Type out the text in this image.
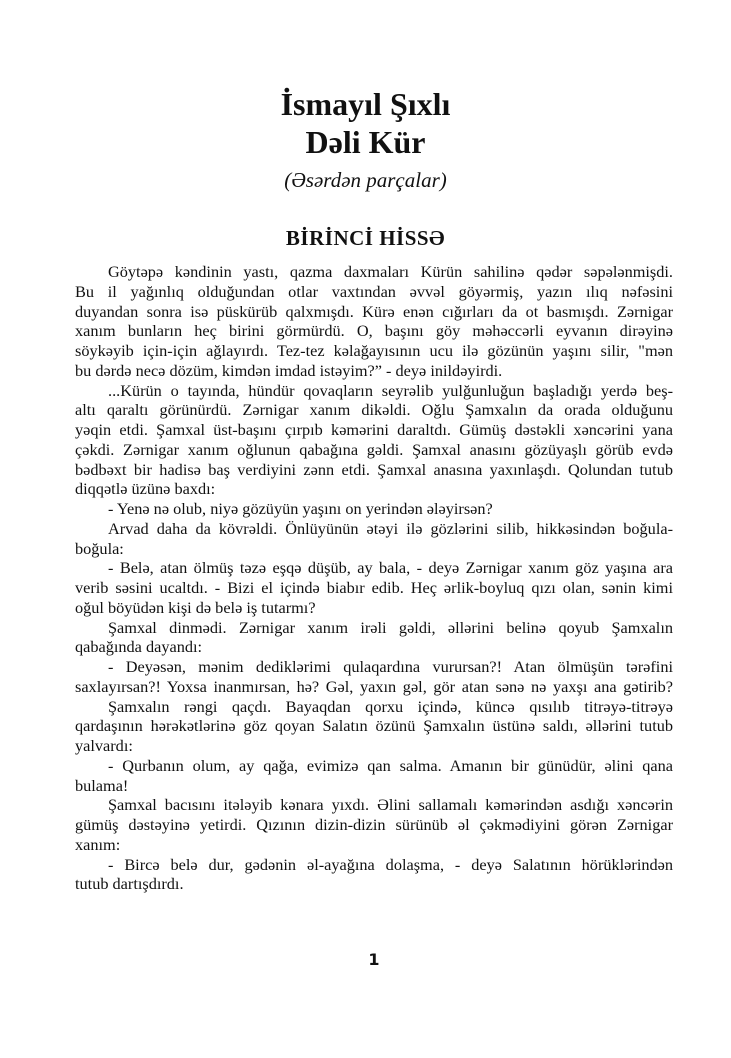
İsmayıl Şıxlı
Dəli Kür
(Əsərdən parçalar)
BİRİNCİ HİSSƏ
Göytəpə kəndinin yastı, qazma daxmaları Kürün sahilinə qədər səpələnmişdi.
Bu il yağınlıq olduğundan otlar vaxtından əvvəl göyərmiş, yazın ılıq nəfəsini
duyandan sonra isə püskürüb qalxmışdı. Kürə enən cığırları da ot basmışdı. Zərnigar
xanım bunların heç birini görmürdü. O, başını göy məhəccərli eyvanın dirəyinə
söykəyib için-için ağlayırdı. Tez-tez kəlağayısının ucu ilə gözünün yaşını silir, "mən
bu dərdə necə dözüm, kimdən imdad istəyim?” - deyə inildəyirdi.
...Kürün o tayında, hündür qovaqların seyrəlib yulğunluğun başladığı yerdə beş-
altı qaraltı görünürdü. Zərnigar xanım dikəldi. Oğlu Şamxalın da orada olduğunu
yəqin etdi. Şamxal üst-başını çırpıb kəmərini daraltdı. Gümüş dəstəkli xəncərini yana
çəkdi. Zərnigar xanım oğlunun qabağına gəldi. Şamxal anasını gözüyaşlı görüb evdə
bədbəxt bir hadisə baş verdiyini zənn etdi. Şamxal anasına yaxınlaşdı. Qolundan tutub
diqqətlə üzünə baxdı:
- Yenə nə olub, niyə gözüyün yaşını on yerindən ələyirsən?
Arvad daha da kövrəldi. Önlüyünün ətəyi ilə gözlərini silib, hikkəsindən boğula-
boğula:
- Belə, atan ölmüş təzə eşqə düşüb, ay bala, - deyə Zərnigar xanım göz yaşına ara
verib səsini ucaltdı. - Bizi el içində biabır edib. Heç ərlik-boyluq qızı olan, sənin kimi
oğul böyüdən kişi də belə iş tutarmı?
Şamxal dinmədi. Zərnigar xanım irəli gəldi, əllərini belinə qoyub Şamxalın
qabağında dayandı:
- Deyəsən, mənim dediklərimi qulaqardına vurursan?! Atan ölmüşün tərəfini
saxlayırsan?! Yoxsa inanmırsan, hə? Gəl, yaxın gəl, gör atan sənə nə yaxşı ana gətirib?
Şamxalın rəngi qaçdı. Bayaqdan qorxu içində, küncə qısılıb titrəyə-titrəyə
qardaşının hərəkətlərinə göz qoyan Salatın özünü Şamxalın üstünə saldı, əllərini tutub
yalvardı:
- Qurbanın olum, ay qağa, evimizə qan salma. Amanın bir günüdür, əlini qana
bulama!
Şamxal bacısını itələyib kənara yıxdı. Əlini sallamalı kəmərindən asdığı xəncərin
gümüş dəstəyinə yetirdi. Qızının dizin-dizin sürünüb əl çəkmədiyini görən Zərnigar
xanım:
- Bircə belə dur, gədənin əl-ayağına dolaşma, - deyə Salatının hörüklərindən
tutub dartışdırdı.
1
